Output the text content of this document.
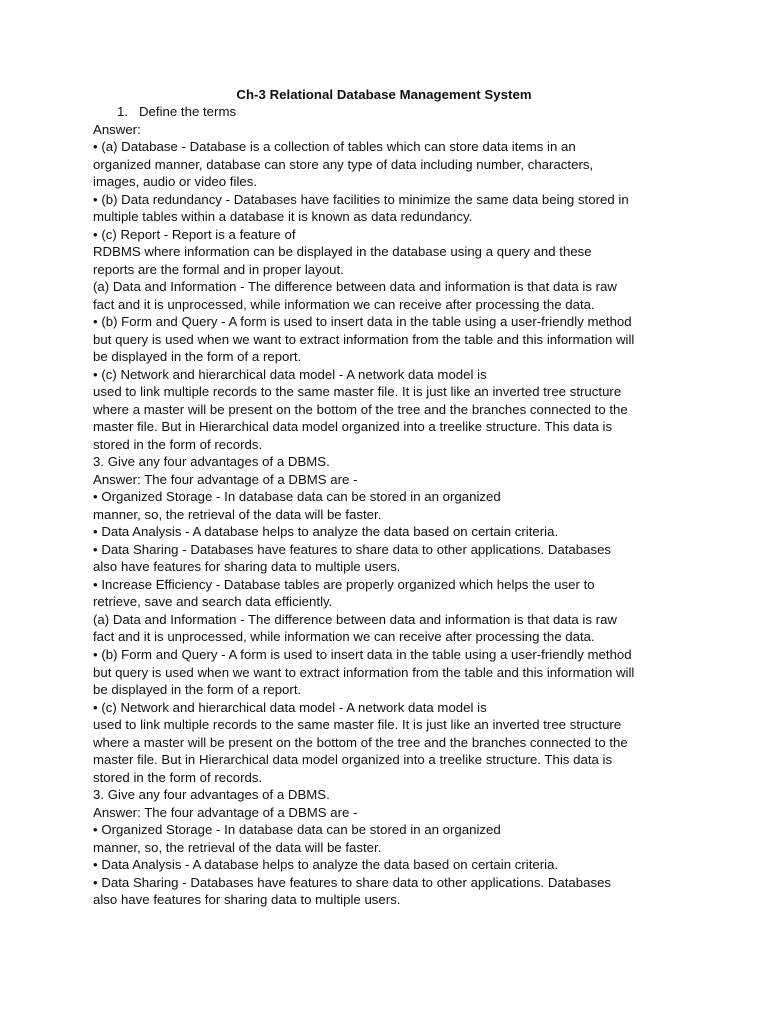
Ch-3 Relational Database Management System
1. Define the terms
Answer:
• (a) Database - Database is a collection of tables which can store data items in an
organized manner, database can store any type of data including number, characters,
images, audio or video files.
• (b) Data redundancy - Databases have facilities to minimize the same data being stored in
multiple tables within a database it is known as data redundancy.
• (c) Report - Report is a feature of
RDBMS where information can be displayed in the database using a query and these
reports are the formal and in proper layout.
(a) Data and Information - The difference between data and information is that data is raw
fact and it is unprocessed, while information we can receive after processing the data.
• (b) Form and Query - A form is used to insert data in the table using a user-friendly method
but query is used when we want to extract information from the table and this information will
be displayed in the form of a report.
• (c) Network and hierarchical data model - A network data model is
used to link multiple records to the same master file. It is just like an inverted tree structure
where a master will be present on the bottom of the tree and the branches connected to the
master file. But in Hierarchical data model organized into a treelike structure. This data is
stored in the form of records.
3. Give any four advantages of a DBMS.
Answer: The four advantage of a DBMS are -
• Organized Storage - In database data can be stored in an organized
manner, so, the retrieval of the data will be faster.
• Data Analysis - A database helps to analyze the data based on certain criteria.
• Data Sharing - Databases have features to share data to other applications. Databases
also have features for sharing data to multiple users.
• Increase Efficiency - Database tables are properly organized which helps the user to
retrieve, save and search data efficiently.
(a) Data and Information - The difference between data and information is that data is raw
fact and it is unprocessed, while information we can receive after processing the data.
• (b) Form and Query - A form is used to insert data in the table using a user-friendly method
but query is used when we want to extract information from the table and this information will
be displayed in the form of a report.
• (c) Network and hierarchical data model - A network data model is
used to link multiple records to the same master file. It is just like an inverted tree structure
where a master will be present on the bottom of the tree and the branches connected to the
master file. But in Hierarchical data model organized into a treelike structure. This data is
stored in the form of records.
3. Give any four advantages of a DBMS.
Answer: The four advantage of a DBMS are -
• Organized Storage - In database data can be stored in an organized
manner, so, the retrieval of the data will be faster.
• Data Analysis - A database helps to analyze the data based on certain criteria.
• Data Sharing - Databases have features to share data to other applications. Databases
also have features for sharing data to multiple users.
